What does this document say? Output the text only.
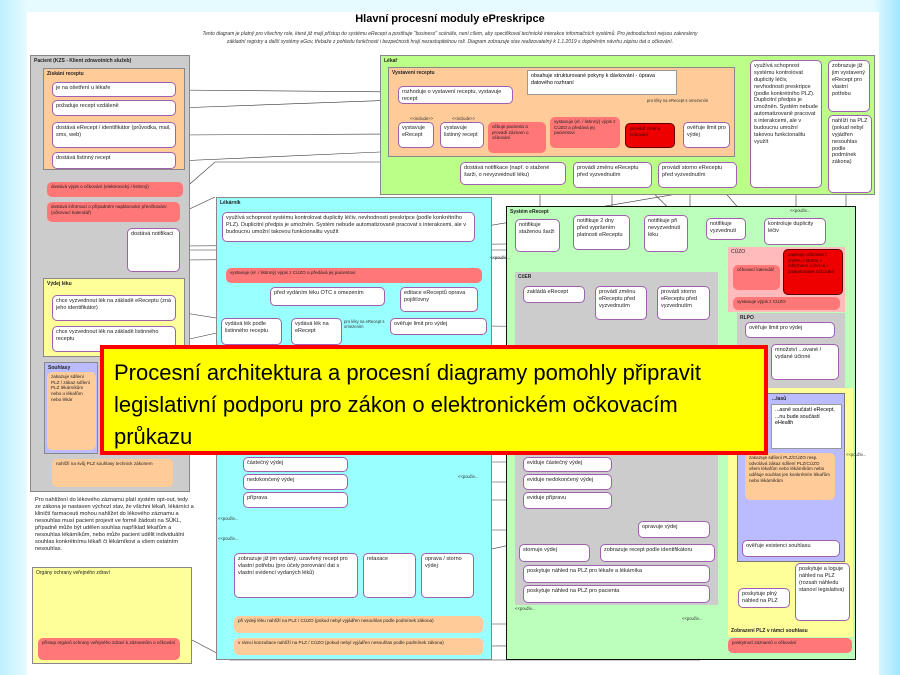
Hlavní procesní moduly ePreskripce
Tento diagram je platný pro všechny role, které již mají přístup do systému eRecept a postihuje "business" scénáře, není cílem, aby specifikoval technické interakce informačních systémů. Pro jednoduchost nejsou zakresleny
základní registry a další systémy eGov, třebaže z pohledu funkčnosti i bezpečnosti hrají nezastupitelnou roli. Diagram zobrazuje stav realizovatelný k 1.1.2019 s doplněním návrhu zápisu dat o očkování.
Pacient (KZS - Klient zdravotních služeb)
Získání receptu
je na ošetření u lékaře
požaduje recept vzdáleně
dostává eRecept / identifikátor (průvodka, mail, sms, web)
dostává listinný recept
dostává výpis o očkování (elektronický / listinný)
dostává informaci o případném naplánování přeočkování (očkovací kalendář)
dostává notifikaci
Výdej léku
chce vyzvednout lék na základě eReceptu (zná jeho identifikátor)
chce vyzvednout lék na základě listinného receptu
Souhlasy
zakazuje sdílení PLZ / zákaz sdílení PLZ lékárníkům nebo u lékařům nebo lékár
nahlíží na svůj PLZ souhlasy technick zákonem
Pro nahlížení do lékového záznamu platí systém opt-out, tedy ze zákona je nastaven výchozí stav, že všichni lékaři, lékárníci a kliničtí farmaceuti mohou nahlížet do lékového záznamu a nesouhlas musí pacient projevit ve formě žádosti na SÚKL, případně může být udělen souhlas například lékařům a nesouhlas lékárníkům, nebo může pacient udělit individuální souhlas konkrétnímu lékaři či lékárníkovi a všem ostatním nesouhlas.
Orgány ochrany veřejného zdraví
přístup orgánů ochrany veřejného zdraví k záznamům o očkování
Lékař
Vystavení receptu	obsahuje strukturované pokyny k dávkování - úprava datového rozhraní
rozhoduje o vystavení receptu, vystavuje recept	pro léky na eRecept s omezením
<<include>>	<<include>>
vystavuje eRecept
vystavuje listinný recept
očkuje pacienta a provádí záznam o očkování
vystavuje (el. / listinný) výpis z CÚZO a předává jej pacientovi
provádí změnu očkování
ověřuje limit pro výdej
dostává notifikace (např. o stažené šarži, o nevyzvednutí léku)
provádí změnu eReceptu před vyzvednutím
provádí storno eReceptu před vyzvednutím
využívá schopnost systému kontrolovat duplicity léčiv, nevhodnosti preskripce (podle konkrétního PLZ). Duplicitní předpis je umožněn. Systém nebude automatizovaně pracovat s interakcemi, ale v budoucnu umožní takovou funkcionalitu využít
zobrazuje již jim vystavený eRecept pro vlastní potřebu
nahlíží na PLZ (pokud nebyl vyjádřen nesouhlas podle podmínek zákona)
Lékárník
využívá schopnost systému kontrolovat duplicity léčiv, nevhodnosti preskripce (podle konkrétního PLZ). Duplicitní předpis je umožněn. Systém nebude automatizovaně pracovat s interakcemi, ale v budoucnu umožní takovou funkcionalitu využít
vystavuje (el. / listinný) výpis z CÚZO a předává jej pacientovi
před vydáním léku OTC s omezením	editace eReceptů oprava pojišťovny
vydává lék podle listinného receptu
vydává lék na eRecept
pro léky na eRecept s omezením	ověřuje limit pro výdej
částečný výdej
nedokončený výdej
příprava
<<použiv...
<<použiv...
<<použiv...
zobrazuje již jim vydaný, uzavřený recept pro vlastní potřebu (pro účely porovnání dat s vlastní evidencí vydaných léků)
retaxace	oprava / storno výdej
při výdeji léku nahlíží na PLZ / CÚZO (pokud nebyl vyjádřen nesouhlas podle podmínek zákona)
v rámci konzultace nahlíží na PLZ / CÚZO (pokud nebyl vyjádřen nesouhlas podle podmínek zákona)
Systém eRecept
notifikuje staženou šarži
notifikuje 2 dny před vypršením platnosti eReceptu
notifikuje při nevyzvednutí léku
notifikuje vyzvednutí
kontroluje duplicity léčiv
<<použiv...
<<použiv...
CÚZO
očkovací kalendář
zapisuje očkování / změnu / storno + informace o lécích / poskytovateli očkování
vystavuje výpis z CÚZO
CčER
zakládá eRecept	provádí změnu eReceptu před vyzvednutím
provádí storno eReceptu před vyzvednutím
eviduje částečný výdej
eviduje nedokončený výdej
eviduje přípravu
opravuje výdej
stornuje výdej	zobrazuje recept podle identifikátoru
poskytuje náhled na PLZ pro lékaře a lékárníka
poskytuje náhled na PLZ pro pacienta
<<použiv...
<<použiv...
RLPO
ověřuje limit pro výdej
množství ...ované / vydané účinné
Zobrazení PLZ v rámci souhlasu
...lasů
...asně součástí eRecept, ...nu bude součástí eHealth
<<použiv...
zakazuje sdílení PLZ/CÚZO resp. odvolává zákaz sdílení PLZ/CÚZO všem lékařům nebo lékárníkům nebo uděluje souhlas jen konkrétním lékařům nebo lékárníkům
ověřuje existenci souhlasu
poskytuje a loguje náhled na PLZ (rozsah náhledu stanoví legislativa)
poskytuje plný náhled na PLZ
poskytnutí záznamů o očkování
Procesní architektura a procesní diagramy pomohly připravit legislativní podporu pro zákon o elektronickém očkovacím průkazu
